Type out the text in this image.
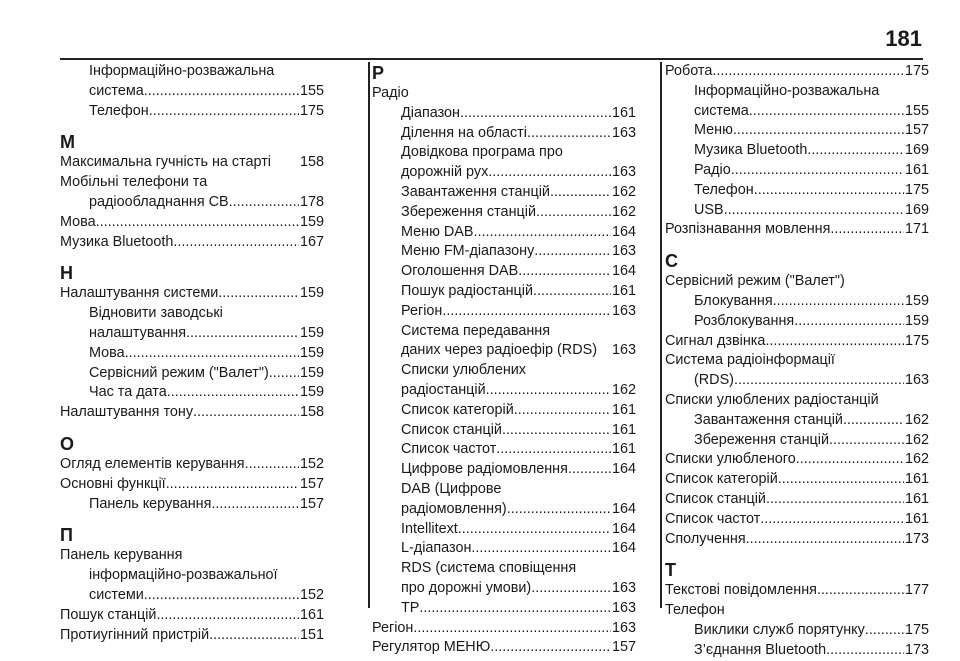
181
Інформаційно-розважальна
система .....	155
Телефон .....	175
М
Максимальна гучність на старті 158
Мобільні телефони та
радіообладнання CB .....	178
Мова .....	159
Музика Bluetooth .....	167
Н
Налаштування системи .....	159
Відновити заводські
налаштування .....	159
Мова .....	159
Сервісний режим ("Валет") ..... 159
Час та дата .....	159
Налаштування тону .....	158
О
Огляд елементів керування .....	152
Основні функції .....	157
Панель керування .....	157
П
Панель керування
інформаційно-розважальної
системи .....	152
Пошук станцій .....	161
Протиугінний пристрій .....	151
Р
Радіо
Діапазон .....	161
Ділення на області .....	163
Довідкова програма про
дорожній рух .....	163
Завантаження станцій .....	162
Збереження станцій .....	162
Меню DAB .....	164
Меню FM-діапазону .....	163
Оголошення DAB .....	164
Пошук радіостанцій .....	161
Регіон .....	163
Система передавання
даних через радіоефір (RDS) 163
Списки улюблених
радіостанцій .....	162
Список категорій .....	161
Список станцій .....	161
Список частот .....	161
Цифрове радіомовлення .....	164
DAB (Цифрове
радіомовлення) .....	164
Intellitext .....	164
L-діапазон .....	164
RDS (система сповіщення
про дорожні умови) .....	163
TP .....	163
Регіон .....	163
Регулятор МЕНЮ .....	157
Робота .....	175
Інформаційно-розважальна
система .....	155
Меню .....	157
Музика Bluetooth .....	169
Радіо .....	161
Телефон .....	175
USB .....	169
Розпізнавання мовлення .....	171
С
Сервісний режим ("Валет")
Блокування .....	159
Розблокування .....	159
Сигнал дзвінка .....	175
Система радіоінформації
(RDS) .....	163
Списки улюблених радіостанцій
Завантаження станцій .....	162
Збереження станцій .....	162
Списки улюбленого .....	162
Список категорій .....	161
Список станцій .....	161
Список частот .....	161
Сполучення .....	173
Т
Текстові повідомлення .....	177
Телефон
Виклики служб порятунку .....	175
З’єднання Bluetooth .....	173
